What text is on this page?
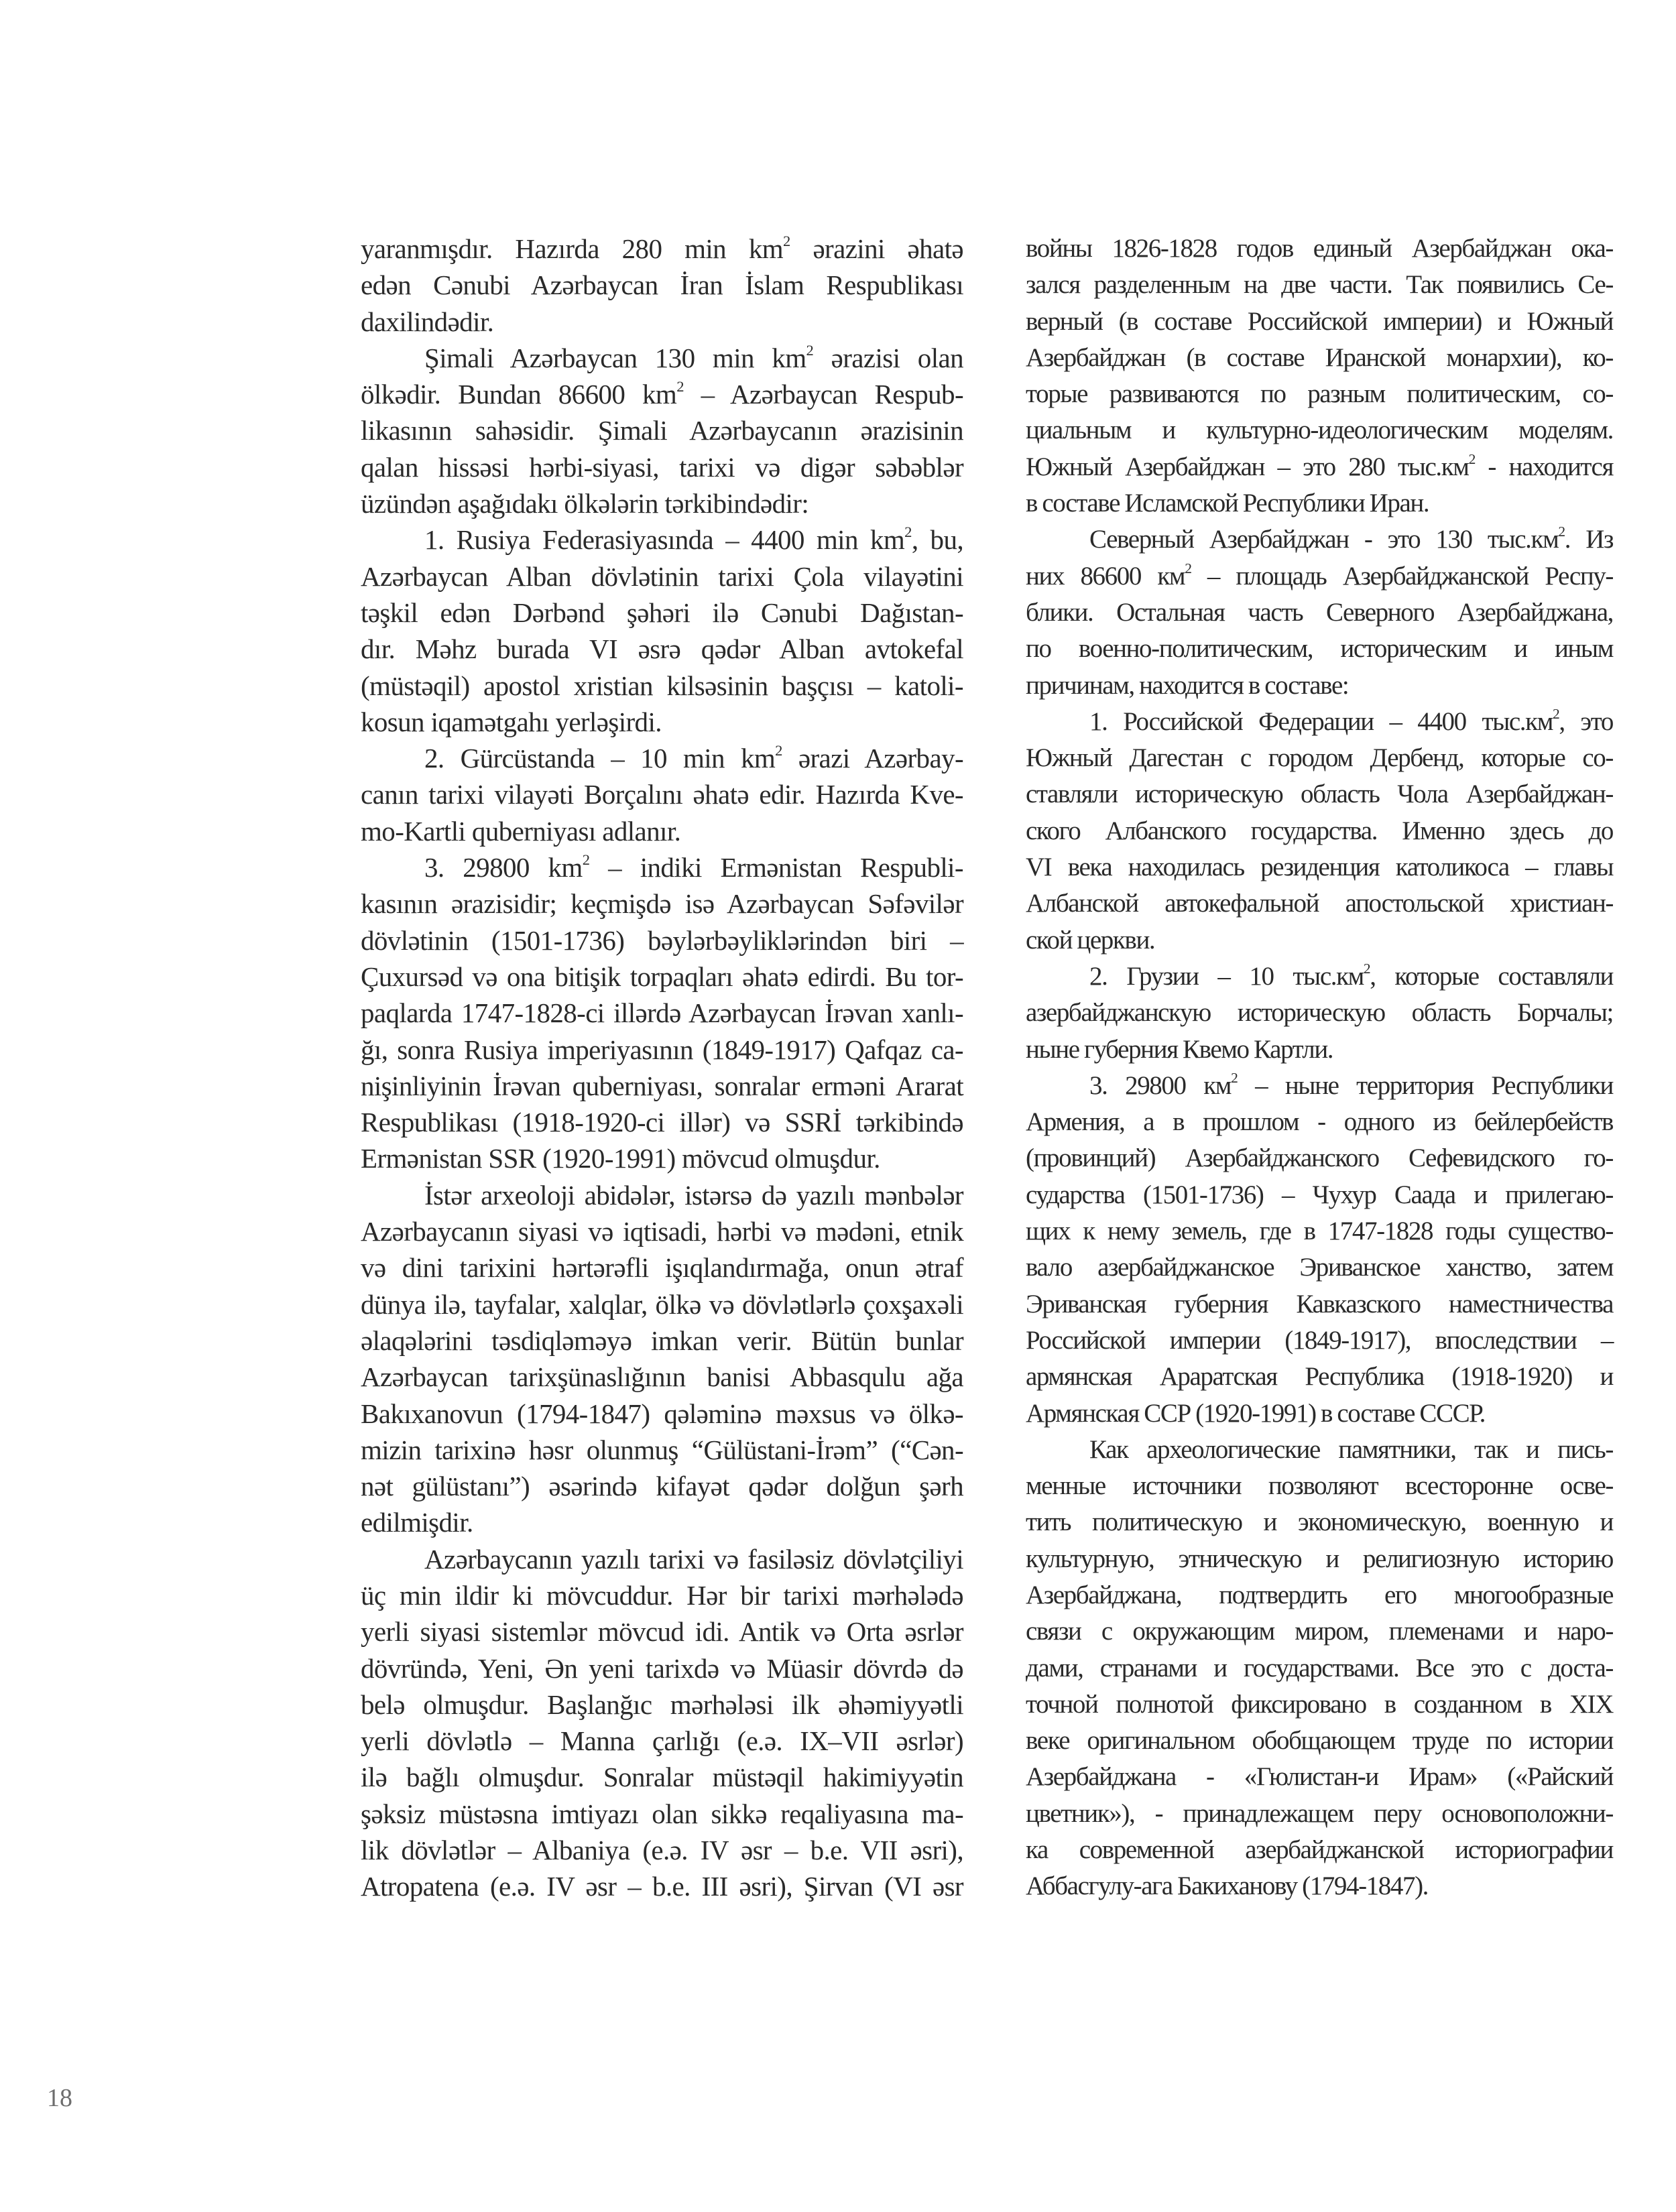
yaranmışdır. Hazırda 280 $\min km^2$ ərazini əhatə
edən Cənubi Azərbaycan İran İslam Respublikası
daxilindədir.
Şimali Azərbaycan 130 $\min km^2$ ərazisi olan
ölkədir. Bundan 86600 $km^2$ – Azərbaycan Respub-
likasının sahəsidir. Şimali Azərbaycanın ərazisinin
qalan hissəsi hərbi-siyasi, tarixi və digər səbəblər
üzündən aşağıdakı ölkələrin tərkibindədir:
1. Rusiya Federasiyasında – 4400 $\min km^2$, bu,
Azərbaycan Alban dövlətinin tarixi Çola vilayətini
təşkil edən Dərbənd şəhəri ilə Cənubi Dağıstan-
dır. Məhz burada VI əsrə qədər Alban avtokefal
(müstəqil) apostol xristian kilsəsinin başçısı – katoli-
kosun iqamətgahı yerləşirdi.
2. Gürcüstanda – 10 $\min km^2$ ərazi Azərbay-
canın tarixi vilayəti Borçalını əhatə edir. Hazırda Kve-
mo-Kartli quberniyası adlanır.
3. 29800 $km^2$ – indiki Ermənistan Respubli-
kasının ərazisidir; keçmişdə isə Azərbaycan Səfəvilər
dövlətinin (1501-1736) bəylərbəyliklərindən biri –
Çuxursəd və ona bitişik torpaqları əhatə edirdi. Bu tor-
paqlarda 1747-1828-ci illərdə Azərbaycan İrəvan xanlı-
ğı, sonra Rusiya imperiyasının (1849-1917) Qafqaz ca-
nişinliyinin İrəvan quberniyası, sonralar erməni Ararat
Respublikası (1918-1920-ci illər) və SSRİ tərkibində
Ermənistan SSR (1920-1991) mövcud olmuşdur.
İstər arxeoloji abidələr, istərsə də yazılı mənbələr
Azərbaycanın siyasi və iqtisadi, hərbi və mədəni, etnik
və dini tarixini hərtərəfli işıqlandırmağa, onun ətraf
dünya ilə, tayfalar, xalqlar, ölkə və dövlətlərlə çoxşaxəli
əlaqələrini təsdiqləməyə imkan verir. Bütün bunlar
Azərbaycan tarixşünaslığının banisi Abbasqulu ağa
Bakıxanovun (1794-1847) qələminə məxsus və ölkə-
mizin tarixinə həsr olunmuş “Gülüstani-İrəm” (“Cən-
nət gülüstanı”) əsərində kifayət qədər dolğun şərh
edilmişdir.
Azərbaycanın yazılı tarixi və fasiləsiz dövlətçiliyi
üç min ildir ki mövcuddur. Hər bir tarixi mərhələdə
yerli siyasi sistemlər mövcud idi. Antik və Orta əsrlər
dövründə, Yeni, Ən yeni tarixdə və Müasir dövrdə də
belə olmuşdur. Başlanğıc mərhələsi ilk əhəmiyyətli
yerli dövlətlə – Manna çarlığı (e.ə. IX–VII əsrlər)
ilə bağlı olmuşdur. Sonralar müstəqil hakimiyyətin
şəksiz müstəsna imtiyazı olan sikkə reqaliyasına ma-
lik dövlətlər – Albaniya (e.ə. IV əsr – b.e. VII əsri),
Atropatena (e.ə. IV əsr – b.e. III əsri), Şirvan (VI əsr
войны 1826-1828 годов единый Азербайджан ока-
зался разделенным на две части. Так появились Се-
верный (в составе Российской империи) и Южный
Азербайджан (в составе Иранской монархии), ко-
торые развиваются по разным политическим, со-
циальным и культурно-идеологическим моделям.
Южный Азербайджан – это 280 $тыс.км^2$ - находится
в составе Исламской Республики Иран.
Северный Азербайджан - это 130 $тыс.км^2$. Из
них 86600 $км^2$ – площадь Азербайджанской Респу-
блики. Остальная часть Северного Азербайджана,
по военно-политическим, историческим и иным
причинам, находится в составе:
1. Российской Федерации – 4400 $тыс.км^2$, это
Южный Дагестан с городом Дербенд, которые со-
ставляли историческую область Чола Азербайджан-
ского Албанского государства. Именно здесь до
VI века находилась резиденция католикоса – главы
Албанской автокефальной апостольской христиан-
ской церкви.
2. Грузии – 10 $тыс.км^2$, которые составляли
азербайджанскую историческую область Борчалы;
ныне губерния Квемо Картли.
3. 29800 $км^2$ – ныне территория Республики
Армения, а в прошлом - одного из бейлербейств
(провинций) Азербайджанского Сефевидского го-
сударства (1501-1736) – Чухур Саада и прилегаю-
щих к нему земель, где в 1747-1828 годы существо-
вало азербайджанское Эриванское ханство, затем
Эриванская губерния Кавказского наместничества
Российской империи (1849-1917), впоследствии –
армянская Араратская Республика (1918-1920) и
Армянская ССР (1920-1991) в составе СССР.
Как археологические памятники, так и пись-
менные источники позволяют всесторонне осве-
тить политическую и экономическую, военную и
культурную, этническую и религиозную историю
Азербайджана, подтвердить его многообразные
связи с окружающим миром, племенами и наро-
дами, странами и государствами. Все это с доста-
точной полнотой фиксировано в созданном в XIX
веке оригинальном обобщающем труде по истории
Азербайджана - «Гюлистан-и Ирам» («Райский
цветник»), - принадлежащем перу основоположни-
ка современной азербайджанской историографии
Аббасгулу-ага Бакиханову (1794-1847).
18
